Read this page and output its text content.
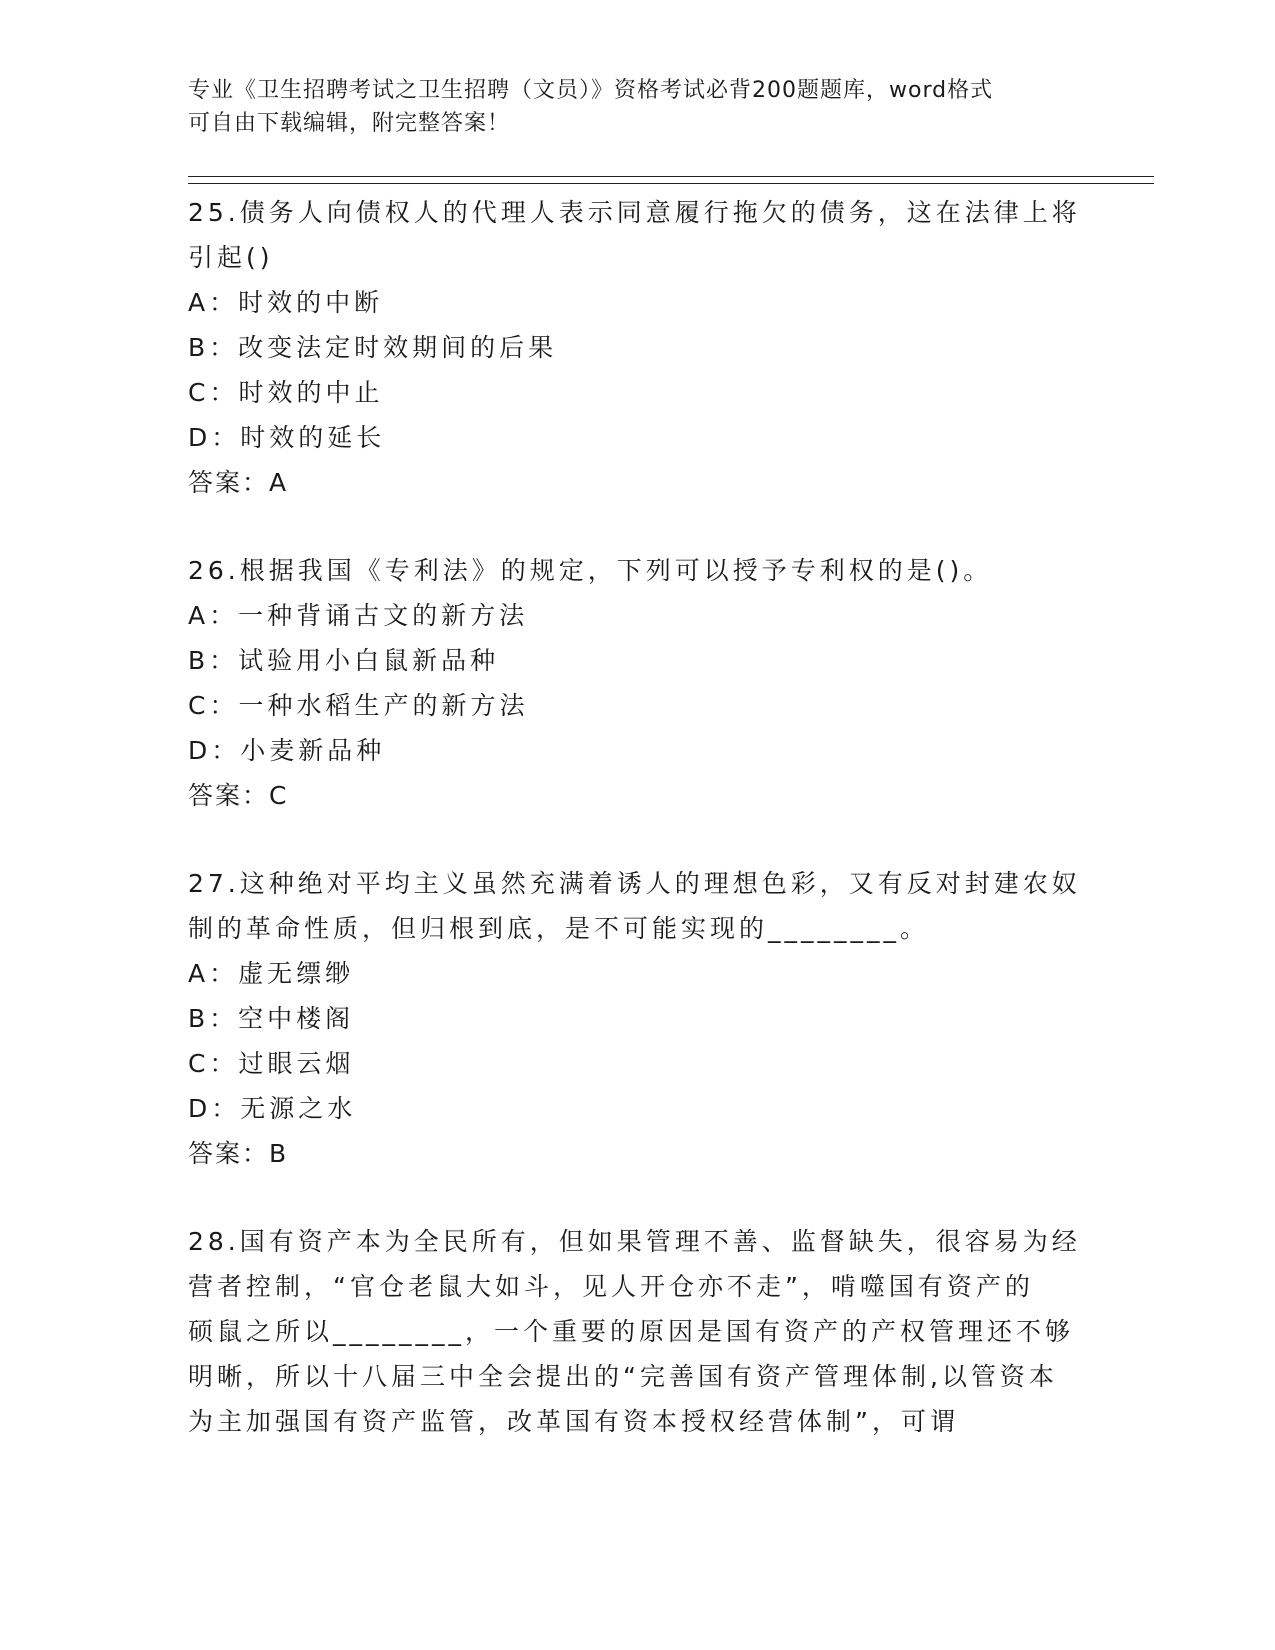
专业《卫生招聘考试之卫生招聘（文员）》资格考试必背200题题库，word格式
可自由下载编辑，附完整答案！
25.债务人向债权人的代理人表示同意履行拖欠的债务，这在法律上将
引起()
A：时效的中断
B：改变法定时效期间的后果
C：时效的中止
D：时效的延长
答案：A
26.根据我国《专利法》的规定，下列可以授予专利权的是()。
A：一种背诵古文的新方法
B：试验用小白鼠新品种
C：一种水稻生产的新方法
D：小麦新品种
答案：C
27.这种绝对平均主义虽然充满着诱人的理想色彩，又有反对封建农奴
制的革命性质，但归根到底，是不可能实现的________。
A：虚无缥缈
B：空中楼阁
C：过眼云烟
D：无源之水
答案：B
28.国有资产本为全民所有，但如果管理不善、监督缺失，很容易为经
营者控制，“官仓老鼠大如斗，见人开仓亦不走”，啃噬国有资产的
硕鼠之所以________，一个重要的原因是国有资产的产权管理还不够
明晰，所以十八届三中全会提出的“完善国有资产管理体制,以管资本
为主加强国有资产监管，改革国有资本授权经营体制”，可谓
